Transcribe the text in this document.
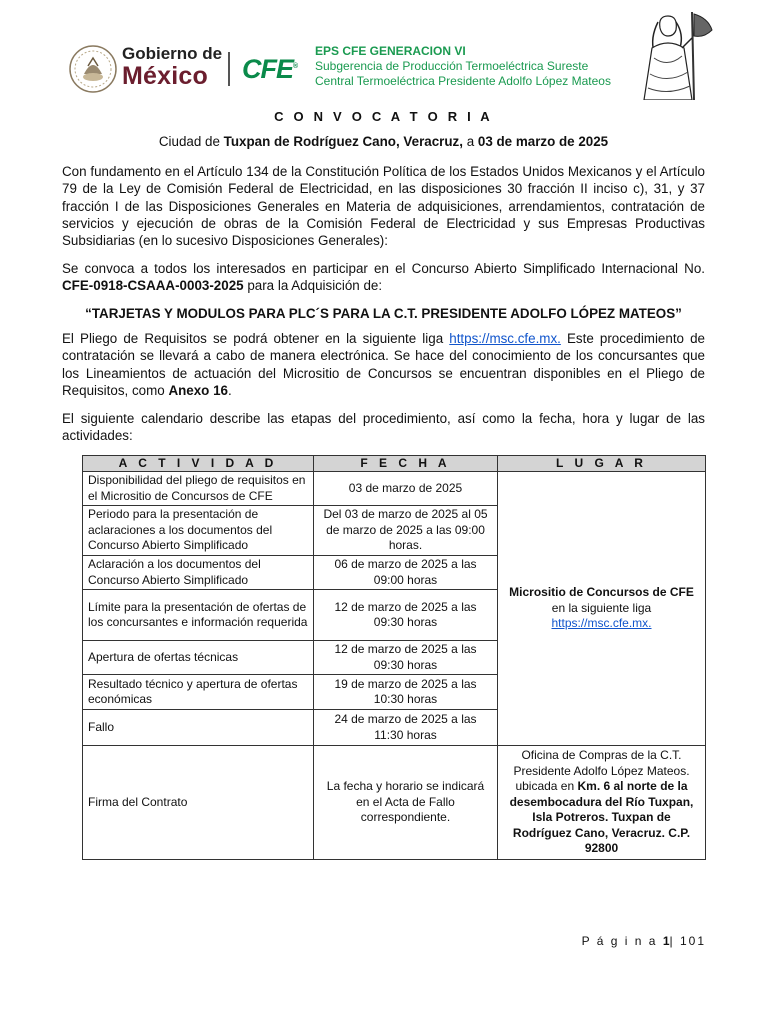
Gobierno de
México	CFE®
EPS CFE GENERACION VI
Subgerencia de Producción Termoeléctrica Sureste
Central Termoeléctrica Presidente Adolfo López Mateos
C O N V O C A T O R I A
Ciudad de Tuxpan de Rodríguez Cano, Veracruz, a 03 de marzo de 2025
Con fundamento en el Artículo 134 de la Constitución Política de los Estados Unidos Mexicanos y el Artículo 79 de la Ley de Comisión Federal de Electricidad, en las disposiciones 30 fracción II inciso c), 31, y 37 fracción I de las Disposiciones Generales en Materia de adquisiciones, arrendamientos, contratación de servicios y ejecución de obras de la Comisión Federal de Electricidad y sus Empresas Productivas Subsidiarias (en lo sucesivo Disposiciones Generales):
Se convoca a todos los interesados en participar en el Concurso Abierto Simplificado Internacional No. CFE-0918-CSAAA-0003-2025 para la Adquisición de:
“TARJETAS Y MODULOS PARA PLC´S PARA LA C.T. PRESIDENTE ADOLFO LÓPEZ MATEOS”
El Pliego de Requisitos se podrá obtener en la siguiente liga https://msc.cfe.mx. Este procedimiento de contratación se llevará a cabo de manera electrónica. Se hace del conocimiento de los concursantes que los Lineamientos de actuación del Micrositio de Concursos se encuentran disponibles en el Pliego de Requisitos, como Anexo 16.
El siguiente calendario describe las etapas del procedimiento, así como la fecha, hora y lugar de las actividades:
A C T I V I D A D	F E C H A	L U G A R
Disponibilidad del pliego de requisitos en el Micrositio de Concursos de CFE	03 de marzo de 2025	Micrositio de Concursos de CFE
en la siguiente liga
https://msc.cfe.mx.
Periodo para la presentación de aclaraciones a los documentos del Concurso Abierto Simplificado	Del 03 de marzo de 2025 al 05 de marzo de 2025 a las 09:00 horas.	
Aclaración a los documentos del Concurso Abierto Simplificado	06 de marzo de 2025 a las 09:00 horas	
Límite para la presentación de ofertas de los concursantes e información requerida	12 de marzo de 2025 a las 09:30 horas	
Apertura de ofertas técnicas	12 de marzo de 2025 a las 09:30 horas	
Resultado técnico y apertura de ofertas económicas	19 de marzo de 2025 a las 10:30 horas	
Fallo	24 de marzo de 2025 a las 11:30 horas	
Firma del Contrato	La fecha y horario se indicará en el Acta de Fallo correspondiente.	Oficina de Compras de la C.T. Presidente Adolfo López Mateos. ubicada en Km. 6 al norte de la desembocadura del Río Tuxpan, Isla Potreros. Tuxpan de Rodríguez Cano, Veracruz. C.P. 92800
P á g i n a 1| 101
